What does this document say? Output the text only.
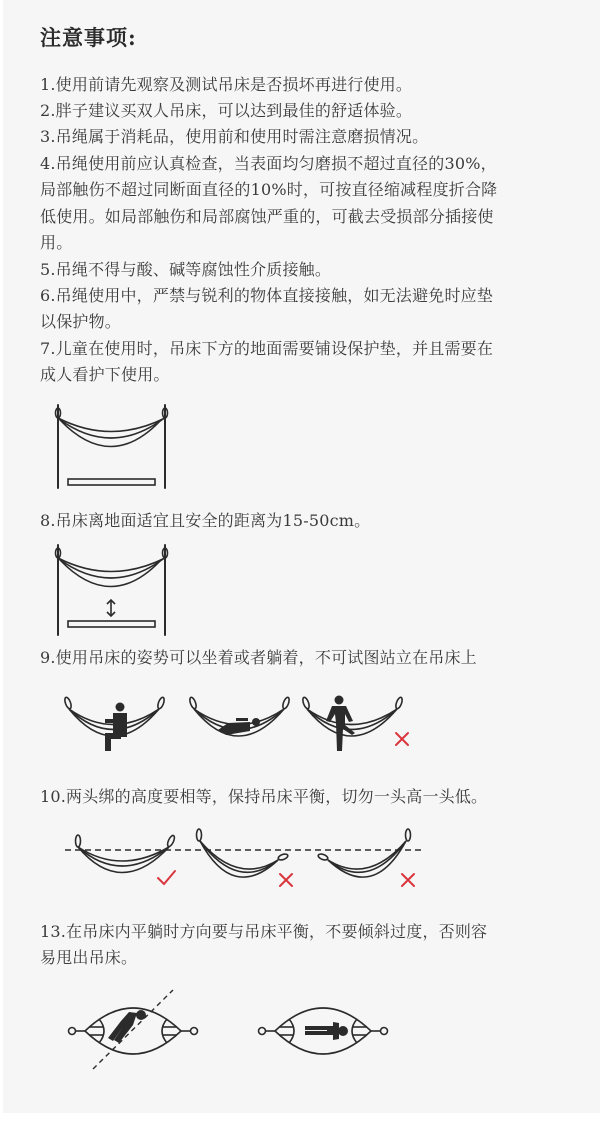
注意事项:
1.使用前请先观察及测试吊床是否损坏再进行使用。
2.胖子建议买双人吊床，可以达到最佳的舒适体验。
3.吊绳属于消耗品，使用前和使用时需注意磨损情况。
4.吊绳使用前应认真检查，当表面均匀磨损不超过直径的30%，
局部触伤不超过同断面直径的10%时，可按直径缩减程度折合降
低使用。如局部触伤和局部腐蚀严重的，可截去受损部分插接使
用。
5.吊绳不得与酸、碱等腐蚀性介质接触。
6.吊绳使用中，严禁与锐利的物体直接接触，如无法避免时应垫
以保护物。
7.儿童在使用时，吊床下方的地面需要铺设保护垫，并且需要在
成人看护下使用。
8.吊床离地面适宜且安全的距离为15-50cm。
9.使用吊床的姿势可以坐着或者躺着，不可试图站立在吊床上
10.两头绑的高度要相等，保持吊床平衡，切勿一头高一头低。
13.在吊床内平躺时方向要与吊床平衡，不要倾斜过度，否则容
易甩出吊床。
